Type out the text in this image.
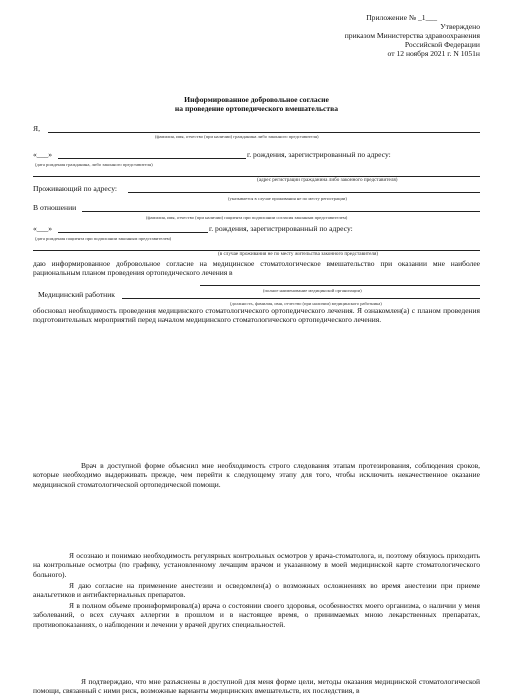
Приложение № _1___
Утверждено
приказом Министерства здравоохранения
Российской Федерации
от 12 ноября 2021 г. N 1051н
Информированное добровольное согласие
на проведение ортопедического вмешательства
Я,
(фамилия, имя, отчество (при наличии) гражданина либо законного представителя)
«___»	г. рождения, зарегистрированный по адресу:
(дата рождения гражданина, либо законного представителя)
(адрес регистрации гражданина либо законного представителя)
Проживающий по адресу:
(указывается в случае проживания не по месту регистрации)
В отношении
(фамилия, имя, отчество (при наличии) пациента при подписании согласия законным представителем)
«___»	г. рождения, зарегистрированный по адресу:
(дата рождения пациента при подписании законным представителем)
(в случае проживания не по месту жительства законного представителя)
даю информированное добровольное согласие на медицинское стоматологическое вмешательство при оказании мне наиболее рациональным планом проведения ортопедического лечения в
(полное наименование медицинской организации)
Медицинский работник
(должность, фамилия, имя, отчество (при наличии) медицинского работника)
обосновал необходимость проведения медицинского стоматологического ортопедического лечения. Я ознакомлен(а) с планом проведения подготовительных мероприятий перед началом медицинского стоматологического ортопедического лечения.
Врач в доступной форме объяснил мне необходимость строго следования этапам протезирования, соблюдения сроков, которые необходимо выдерживать прежде, чем перейти к следующему этапу для того, чтобы исключить некачественное оказание медицинской стоматологической ортопедической помощи.
Я осознаю и понимаю необходимость регулярных контрольных осмотров у врача-стоматолога, и, поэтому обязуюсь приходить на контрольные осмотры (по графику, установленному лечащим врачом и указанному в моей медицинской карте стоматологического больного).
Я даю согласие на применение анестезии и осведомлен(а) о возможных осложнениях во время анестезии при приеме анальгетиков и антибактериальных препаратов.
Я в полном объеме проинформировал(а) врача о состоянии своего здоровья, особенностях моего организма, о наличии у меня заболеваний, о всех случаях аллергии в прошлом и в настоящее время, о принимаемых мною лекарственных препаратах, противопоказаниях, о наблюдении и лечении у врачей других специальностей.
Я подтверждаю, что мне разъяснены в доступной для меня форме цели, методы оказания медицинской стоматологической помощи, связанный с ними риск, возможные варианты медицинских вмешательств, их последствия, в
